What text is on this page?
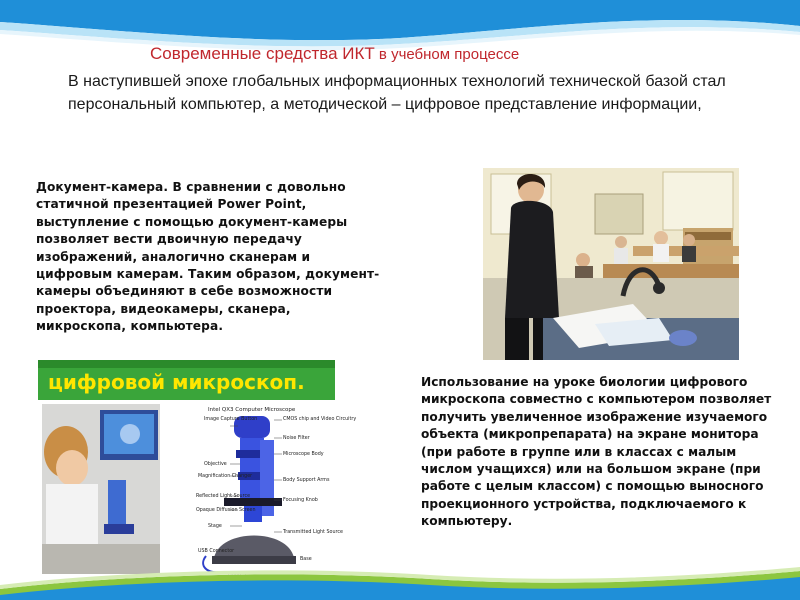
Современные средства ИКТ в учебном процессе
В наступившей эпохе глобальных информационных технологий технической базой стал персональный компьютер, а методической – цифровое представление информации,
Документ-камера. В сравнении с довольно статичной презентацией Power Point, выступление с помощью документ-камеры позволяет вести двоичную передачу изображений, аналогично сканерам и цифровым камерам. Таким образом, документ-камеры объединяют в себе возможности проектора, видеокамеры, сканера, микроскопа, компьютера.
цифровой микроскоп.
Intel QX3 Computer Microscope
Image Capture Button	CMOS chip and Video Circuitry
Noise Filter
Microscope Body
Objective
Magnification Changer
Body Support Arms
Reflected Light Source
Opaque Diffusion Screen
Focusing Knob
Stage
Transmitted Light Source
USB Connector
Base
Использование на уроке биологии цифрового микроскопа совместно с компьютером позволяет получить увеличенное изображение изучаемого объекта (микропрепарата) на экране монитора (при работе в группе или в классах с малым числом учащихся) или на большом экране (при работе с целым классом) с помощью выносного проекционного устройства, подключаемого к компьютеру.
